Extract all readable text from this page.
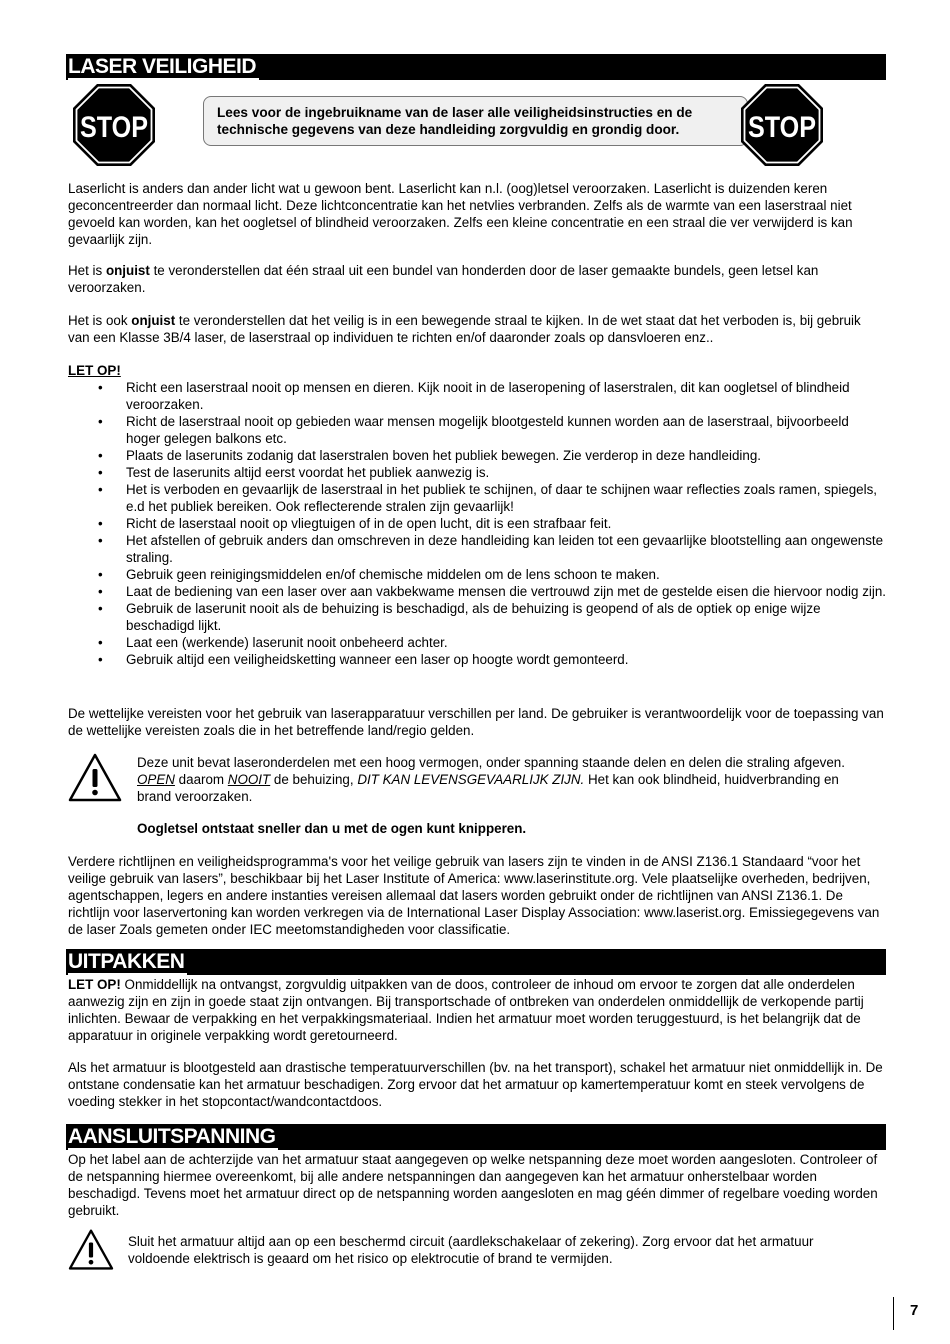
LASER VEILIGHEID
STOP	Lees voor de ingebruikname van de laser alle veiligheidsinstructies en de

technische gegevens van deze handleiding zorgvuldig en grondig door.	STOP

Laserlicht is anders dan ander licht wat u gewoon bent. Laserlicht kan n.l. (oog)letsel veroorzaken. Laserlicht is duizenden keren geconcentreerder dan normaal licht. Deze lichtconcentratie kan het netvlies verbranden. Zelfs als de warmte van een laserstraal niet gevoeld kan worden, kan het oogletsel of blindheid veroorzaken. Zelfs een kleine concentratie en een straal die ver verwijderd is kan gevaarlijk zijn.

Het is onjuist te veronderstellen dat één straal uit een bundel van honderden door de laser gemaakte bundels, geen letsel kan veroorzaken.

Het is ook onjuist te veronderstellen dat het veilig is in een bewegende straal te kijken. In de wet staat dat het verboden is, bij gebruik van een Klasse 3B/4 laser, de laserstraal op individuen te richten en/of daaronder zoals op dansvloeren enz..

LET OP!

• Richt een laserstraal nooit op mensen en dieren. Kijk nooit in de laseropening of laserstralen, dit kan oogletsel of blindheid veroorzaken.
• Richt de laserstraal nooit op gebieden waar mensen mogelijk blootgesteld kunnen worden aan de laserstraal, bijvoorbeeld hoger gelegen balkons etc.
• Plaats de laserunits zodanig dat laserstralen boven het publiek bewegen. Zie verderop in deze handleiding.
• Test de laserunits altijd eerst voordat het publiek aanwezig is.
• Het is verboden en gevaarlijk de laserstraal in het publiek te schijnen, of daar te schijnen waar reflecties zoals ramen, spiegels, e.d het publiek bereiken. Ook reflecterende stralen zijn gevaarlijk!
• Richt de laserstaal nooit op vliegtuigen of in de open lucht, dit is een strafbaar feit.
• Het afstellen of gebruik anders dan omschreven in deze handleiding kan leiden tot een gevaarlijke blootstelling aan ongewenste straling.
• Gebruik geen reinigingsmiddelen en/of chemische middelen om de lens schoon te maken.
• Laat de bediening van een laser over aan vakbekwame mensen die vertrouwd zijn met de gestelde eisen die hiervoor nodig zijn.
• Gebruik de laserunit nooit als de behuizing is beschadigd, als de behuizing is geopend of als de optiek op enige wijze beschadigd lijkt.
• Laat een (werkende) laserunit nooit onbeheerd achter.
• Gebruik altijd een veiligheidsketting wanneer een laser op hoogte wordt gemonteerd.

De wettelijke vereisten voor het gebruik van laserapparatuur verschillen per land. De gebruiker is verantwoordelijk voor de toepassing van de wettelijke vereisten zoals die in het betreffende land/regio gelden.

Deze unit bevat laseronderdelen met een hoog vermogen, onder spanning staande delen en delen die straling afgeven. OPEN daarom NOOIT de behuizing, DIT KAN LEVENSGEVAARLIJK ZIJN. Het kan ook blindheid, huidverbranding en brand veroorzaken.

Oogletsel ontstaat sneller dan u met de ogen kunt knipperen.

Verdere richtlijnen en veiligheidsprogramma's voor het veilige gebruik van lasers zijn te vinden in de ANSI Z136.1 Standaard “voor het veilige gebruik van lasers”, beschikbaar bij het Laser Institute of America: www.laserinstitute.org. Vele plaatselijke overheden, bedrijven, agentschappen, legers en andere instanties vereisen allemaal dat lasers worden gebruikt onder de richtlijnen van ANSI Z136.1. De richtlijn voor laservertoning kan worden verkregen via de International Laser Display Association: www.laserist.org. Emissiegegevens van de laser Zoals gemeten onder IEC meetomstandigheden voor classificatie.

UITPAKKEN

LET OP! Onmiddellijk na ontvangst, zorgvuldig uitpakken van de doos, controleer de inhoud om ervoor te zorgen dat alle onderdelen aanwezig zijn en zijn in goede staat zijn ontvangen. Bij transportschade of ontbreken van onderdelen onmiddellijk de verkopende partij inlichten. Bewaar de verpakking en het verpakkingsmateriaal. Indien het armatuur moet worden teruggestuurd, is het belangrijk dat de apparatuur in originele verpakking wordt geretourneerd.

Als het armatuur is blootgesteld aan drastische temperatuurverschillen (bv. na het transport), schakel het armatuur niet onmiddellijk in. De ontstane condensatie kan het armatuur beschadigen. Zorg ervoor dat het armatuur op kamertemperatuur komt en steek vervolgens de voeding stekker in het stopcontact/wandcontactdoos.

AANSLUITSPANNING

Op het label aan de achterzijde van het armatuur staat aangegeven op welke netspanning deze moet worden aangesloten. Controleer of de netspanning hiermee overeenkomt, bij alle andere netspanningen dan aangegeven kan het armatuur onherstelbaar worden beschadigd. Tevens moet het armatuur direct op de netspanning worden aangesloten en mag géén dimmer of regelbare voeding worden gebruikt.

Sluit het armatuur altijd aan op een beschermd circuit (aardlekschakelaar of zekering). Zorg ervoor dat het armatuur voldoende elektrisch is geaard om het risico op elektrocutie of brand te vermijden.

7
